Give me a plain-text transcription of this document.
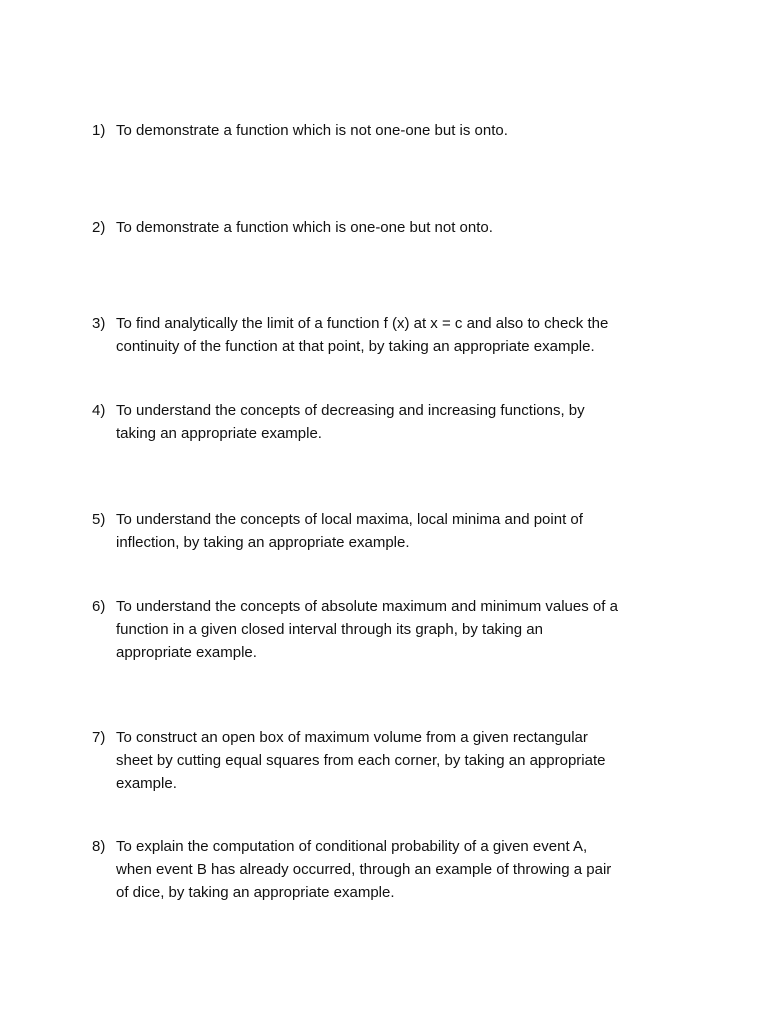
1) To demonstrate a function which is not one-one but is onto.
2) To demonstrate a function which is one-one but not onto.
3) To find analytically the limit of a function f (x) at x = c and also to check the
continuity of the function at that point, by taking an appropriate example.
4) To understand the concepts of decreasing and increasing functions, by
taking an appropriate example.
5) To understand the concepts of local maxima, local minima and point of
inflection, by taking an appropriate example.
6) To understand the concepts of absolute maximum and minimum values of a
function in a given closed interval through its graph, by taking an
appropriate example.
7) To construct an open box of maximum volume from a given rectangular
sheet by cutting equal squares from each corner, by taking an appropriate
example.
8) To explain the computation of conditional probability of a given event A,
when event B has already occurred, through an example of throwing a pair
of dice, by taking an appropriate example.
